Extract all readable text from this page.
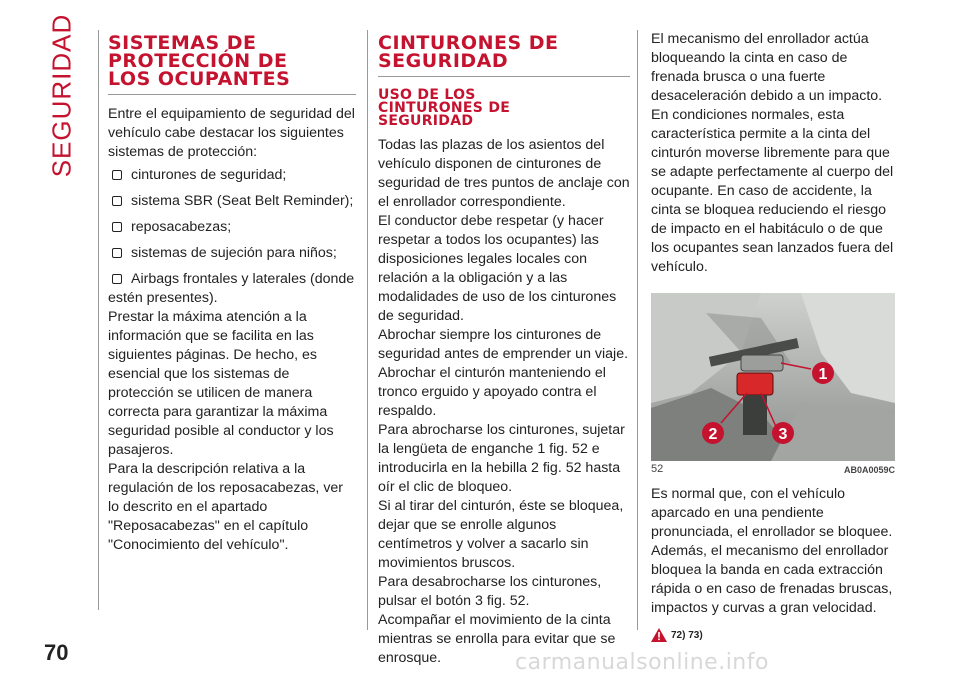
SEGURIDAD SISTEMAS DE
PROTECCIÓN DE
LOS OCUPANTES

Entre el equipamiento de seguridad del vehículo cabe destacar los siguientes sistemas de protección:

cinturones de seguridad;
sistema SBR (Seat Belt Reminder);
reposacabezas;
sistemas de sujeción para niños;
Airbags frontales y laterales (donde estén presentes).

Prestar la máxima atención a la información que se facilita en las siguientes páginas. De hecho, es esencial que los sistemas de protección se utilicen de manera correcta para garantizar la máxima seguridad posible al conductor y los pasajeros.

Para la descripción relativa a la regulación de los reposacabezas, ver lo descrito en el apartado "Reposacabezas" en el capítulo "Conocimiento del vehículo".

CINTURONES DE
SEGURIDAD
USO DE LOS
CINTURONES DE
SEGURIDAD

Todas las plazas de los asientos del vehículo disponen de cinturones de seguridad de tres puntos de anclaje con el enrollador correspondiente.

El conductor debe respetar (y hacer respetar a todos los ocupantes) las disposiciones legales locales con relación a la obligación y a las modalidades de uso de los cinturones de seguridad.

Abrochar siempre los cinturones de seguridad antes de emprender un viaje.

Abrochar el cinturón manteniendo el tronco erguido y apoyado contra el respaldo.

Para abrocharse los cinturones, sujetar la lengüeta de enganche 1 fig. 52 e introducirla en la hebilla 2 fig. 52 hasta oír el clic de bloqueo.

Si al tirar del cinturón, éste se bloquea, dejar que se enrolle algunos centímetros y volver a sacarlo sin movimientos bruscos.

Para desabrocharse los cinturones, pulsar el botón 3 fig. 52.

Acompañar el movimiento de la cinta mientras se enrolla para evitar que se enrosque.

El mecanismo del enrollador actúa bloqueando la cinta en caso de frenada brusca o una fuerte desaceleración debido a un impacto. En condiciones normales, esta característica permite a la cinta del cinturón moverse libremente para que se adapte perfectamente al cuerpo del ocupante. En caso de accidente, la cinta se bloquea reduciendo el riesgo de impacto en el habitáculo o de que los ocupantes sean lanzados fuera del vehículo.

1
2	3
52	AB0A0059C

Es normal que, con el vehículo aparcado en una pendiente pronunciada, el enrollador se bloquee. Además, el mecanismo del enrollador bloquea la banda en cada extracción rápida o en caso de frenadas bruscas, impactos y curvas a gran velocidad.

72) 73)
70	carmanualsonline.info
